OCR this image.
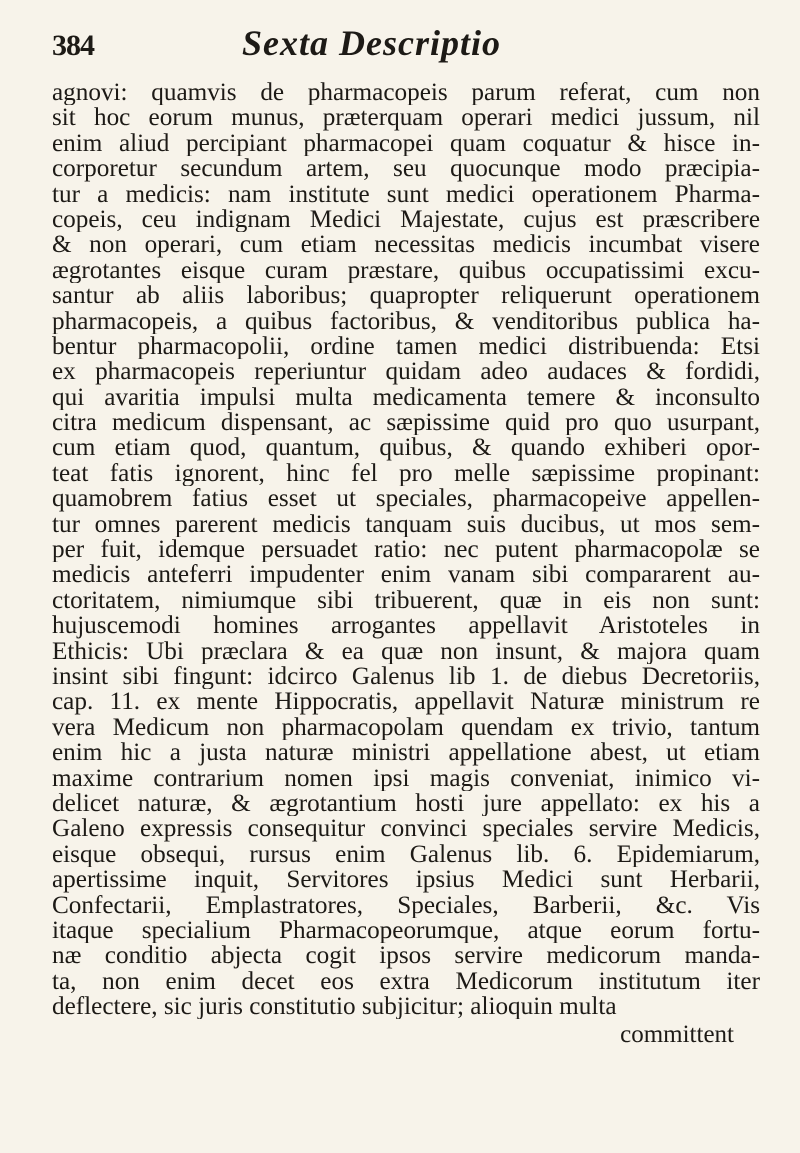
384	Sexta Descriptio
agnovi: quamvis de pharmacopeis parum referat, cum non
sit hoc eorum munus, præterquam operari medici jussum, nil
enim aliud percipiant pharmacopei quam coquatur & hisce in-
corporetur secundum artem, seu quocunque modo præcipia-
tur a medicis: nam institute sunt medici operationem Pharma-
copeis, ceu indignam Medici Majestate, cujus est præscribere
& non operari, cum etiam necessitas medicis incumbat visere
ægrotantes eisque curam præstare, quibus occupatissimi excu-
santur ab aliis laboribus; quapropter reliquerunt operationem
pharmacopeis, a quibus factoribus, & venditoribus publica ha-
bentur pharmacopolii, ordine tamen medici distribuenda: Etsi
ex pharmacopeis reperiuntur quidam adeo audaces & fordidi,
qui avaritia impulsi multa medicamenta temere & inconsulto
citra medicum dispensant, ac sæpissime quid pro quo usurpant,
cum etiam quod, quantum, quibus, & quando exhiberi opor-
teat fatis ignorent, hinc fel pro melle sæpissime propinant:
quamobrem fatius esset ut speciales, pharmacopeive appellen-
tur omnes parerent medicis tanquam suis ducibus, ut mos sem-
per fuit, idemque persuadet ratio: nec putent pharmacopolæ se
medicis anteferri impudenter enim vanam sibi compararent au-
ctoritatem, nimiumque sibi tribuerent, quæ in eis non sunt:
hujuscemodi homines arrogantes appellavit Aristoteles in
Ethicis: Ubi præclara & ea quæ non insunt, & majora quam
insint sibi fingunt: idcirco Galenus lib 1. de diebus Decretoriis,
cap. 11. ex mente Hippocratis, appellavit Naturæ ministrum re
vera Medicum non pharmacopolam quendam ex trivio, tantum
enim hic a justa naturæ ministri appellatione abest, ut etiam
maxime contrarium nomen ipsi magis conveniat, inimico vi-
delicet naturæ, & ægrotantium hosti jure appellato: ex his a
Galeno expressis consequitur convinci speciales servire Medicis,
eisque obsequi, rursus enim Galenus lib. 6. Epidemiarum,
apertissime inquit, Servitores ipsius Medici sunt Herbarii,
Confectarii, Emplastratores, Speciales, Barberii, &c. Vis
itaque specialium Pharmacopeorumque, atque eorum fortu-
næ conditio abjecta cogit ipsos servire medicorum manda-
ta, non enim decet eos extra Medicorum institutum iter
deflectere, sic juris constitutio subjicitur; alioquin multa
committent
